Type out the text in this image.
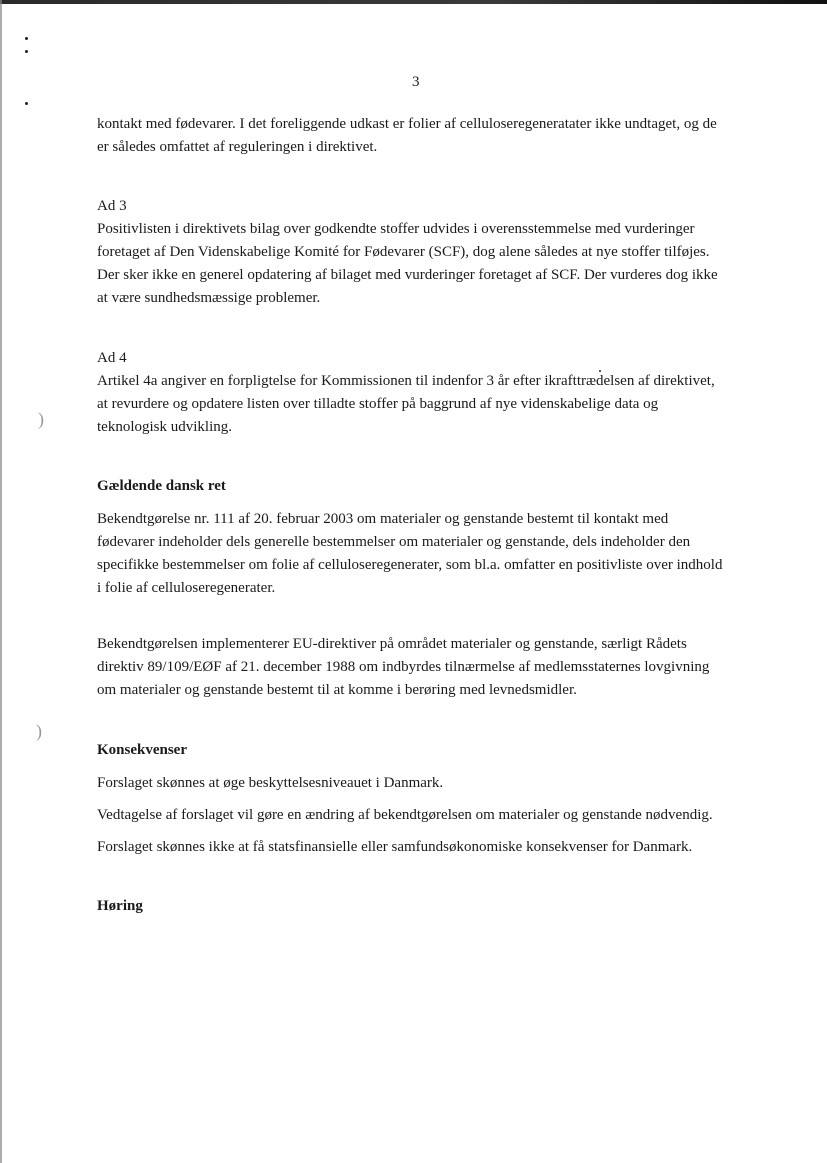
)
)
3

kontakt med fødevarer. I det foreliggende udkast er folier af celluloseregeneratater ikke undtaget, og de er således omfattet af reguleringen i direktivet.

Ad 3

Positivlisten i direktivets bilag over godkendte stoffer udvides i overensstemmelse med vurderinger foretaget af Den Videnskabelige Komité for Fødevarer (SCF), dog alene således at nye stoffer tilføjes. Der sker ikke en generel opdatering af bilaget med vurderinger foretaget af SCF. Der vurderes dog ikke at være sundhedsmæssige problemer.

Ad 4

Artikel 4a angiver en forpligtelse for Kommissionen til indenfor 3 år efter ikrafttrædelsen af direktivet, at revurdere og opdatere listen over tilladte stoffer på baggrund af nye videnskabelige data og teknologisk udvikling.

Gældende dansk ret

Bekendtgørelse nr. 111 af 20. februar 2003 om materialer og genstande bestemt til kontakt med fødevarer indeholder dels generelle bestemmelser om materialer og genstande, dels indeholder den specifikke bestemmelser om folie af celluloseregenerater, som bl.a. omfatter en positivliste over indhold i folie af celluloseregenerater.

Bekendtgørelsen implementerer EU-direktiver på området materialer og genstande, særligt Rådets direktiv 89/109/EØF af 21. december 1988 om indbyrdes tilnærmelse af medlemsstaternes lovgivning om materialer og genstande bestemt til at komme i berøring med levnedsmidler.

Konsekvenser

Forslaget skønnes at øge beskyttelsesniveauet i Danmark.

Vedtagelse af forslaget vil gøre en ændring af bekendtgørelsen om materialer og genstande nødvendig.

Forslaget skønnes ikke at få statsfinansielle eller samfundsøkonomiske konsekvenser for Danmark.

Høring
